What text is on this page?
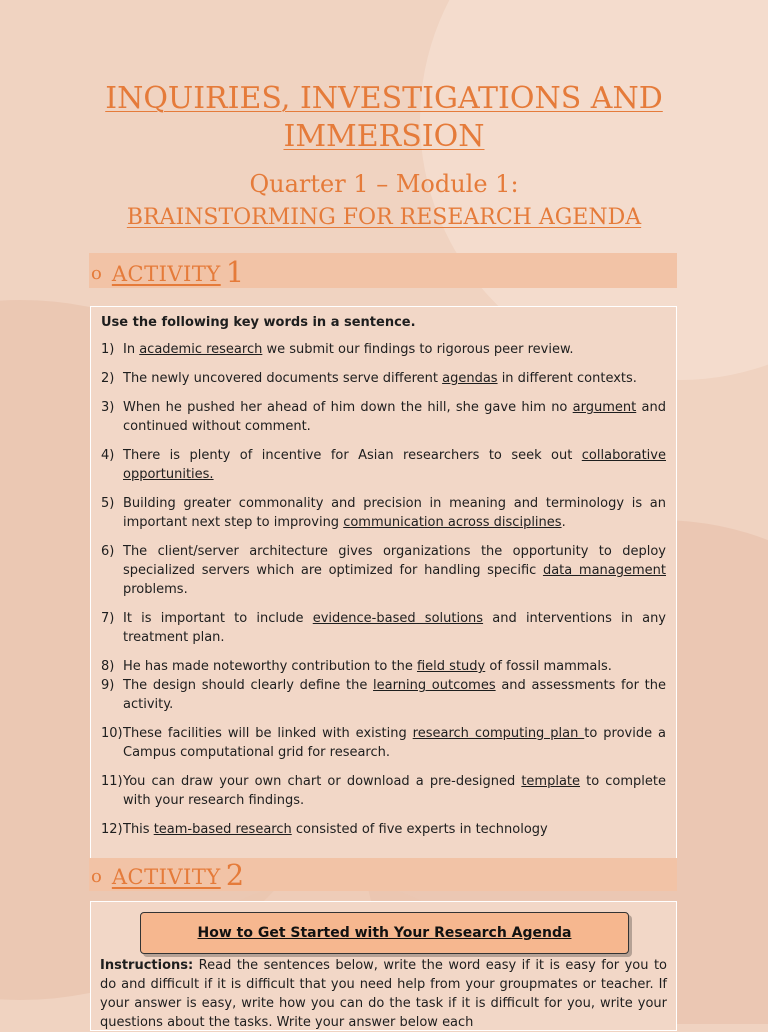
INQUIRIES, INVESTIGATIONS AND IMMERSION
Quarter 1 – Module 1:
BRAINSTORMING FOR RESEARCH AGENDA
o ACTIVITY 1

Use the following key words in a sentence.

1) In academic research we submit our findings to rigorous peer review.
2) The newly uncovered documents serve different agendas in different contexts.
3) When he pushed her ahead of him down the hill, she gave him no argument and continued without comment.
4) There is plenty of incentive for Asian researchers to seek out collaborative opportunities.
5) Building greater commonality and precision in meaning and terminology is an important next step to improving communication across disciplines.
6) The client/server architecture gives organizations the opportunity to deploy specialized servers which are optimized for handling specific data management problems.
7) It is important to include evidence-based solutions and interventions in any treatment plan.
8) He has made noteworthy contribution to the field study of fossil mammals.
9) The design should clearly define the learning outcomes and assessments for the activity.
10) These facilities will be linked with existing research computing plan to provide a Campus computational grid for research.
11) You can draw your own chart or download a pre-designed template to complete with your research findings.
12) This team-based research consisted of five experts in technology
o ACTIVITY 2
How to Get Started with Your Research Agenda
Instructions: Read the sentences below, write the word easy if it is easy for you to do and difficult if it is difficult that you need help from your groupmates or teacher. If your answer is easy, write how you can do the task if it is difficult for you, write your questions about the tasks. Write your answer below each
